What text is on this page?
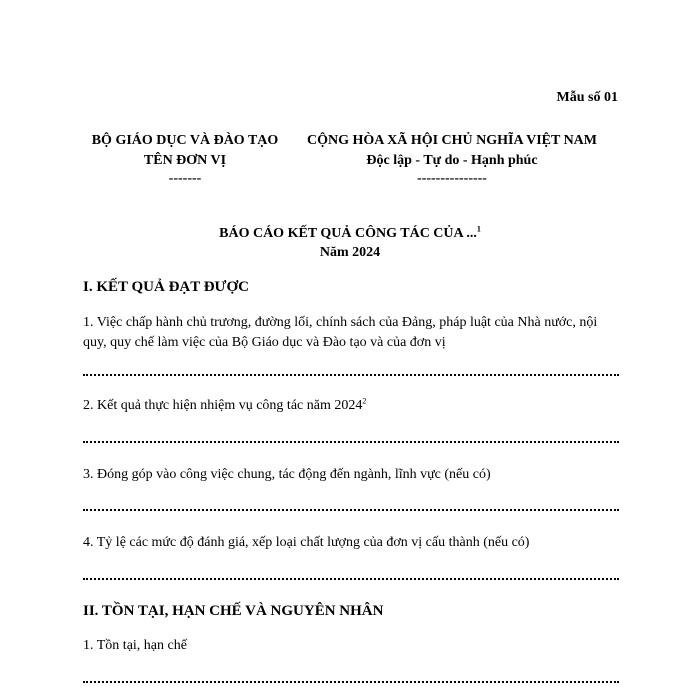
Mẫu số 01
BỘ GIÁO DỤC VÀ ĐÀO TẠO
TÊN ĐƠN VỊ
-------
CỘNG HÒA XÃ HỘI CHỦ NGHĨA VIỆT NAM
Độc lập - Tự do - Hạnh phúc
---------------
BÁO CÁO KẾT QUẢ CÔNG TÁC CỦA ...$^1$
Năm 2024
I. KẾT QUẢ ĐẠT ĐƯỢC
1. Việc chấp hành chủ trương, đường lối, chính sách của Đảng, pháp luật của Nhà nước, nội quy, quy chế làm việc của Bộ Giáo dục và Đào tạo và của đơn vị
2. Kết quả thực hiện nhiệm vụ công tác năm 2024$^2$
3. Đóng góp vào công việc chung, tác động đến ngành, lĩnh vực (nếu có)
4. Tỷ lệ các mức độ đánh giá, xếp loại chất lượng của đơn vị cấu thành (nếu có)
II. TỒN TẠI, HẠN CHẾ VÀ NGUYÊN NHÂN
1. Tồn tại, hạn chế
